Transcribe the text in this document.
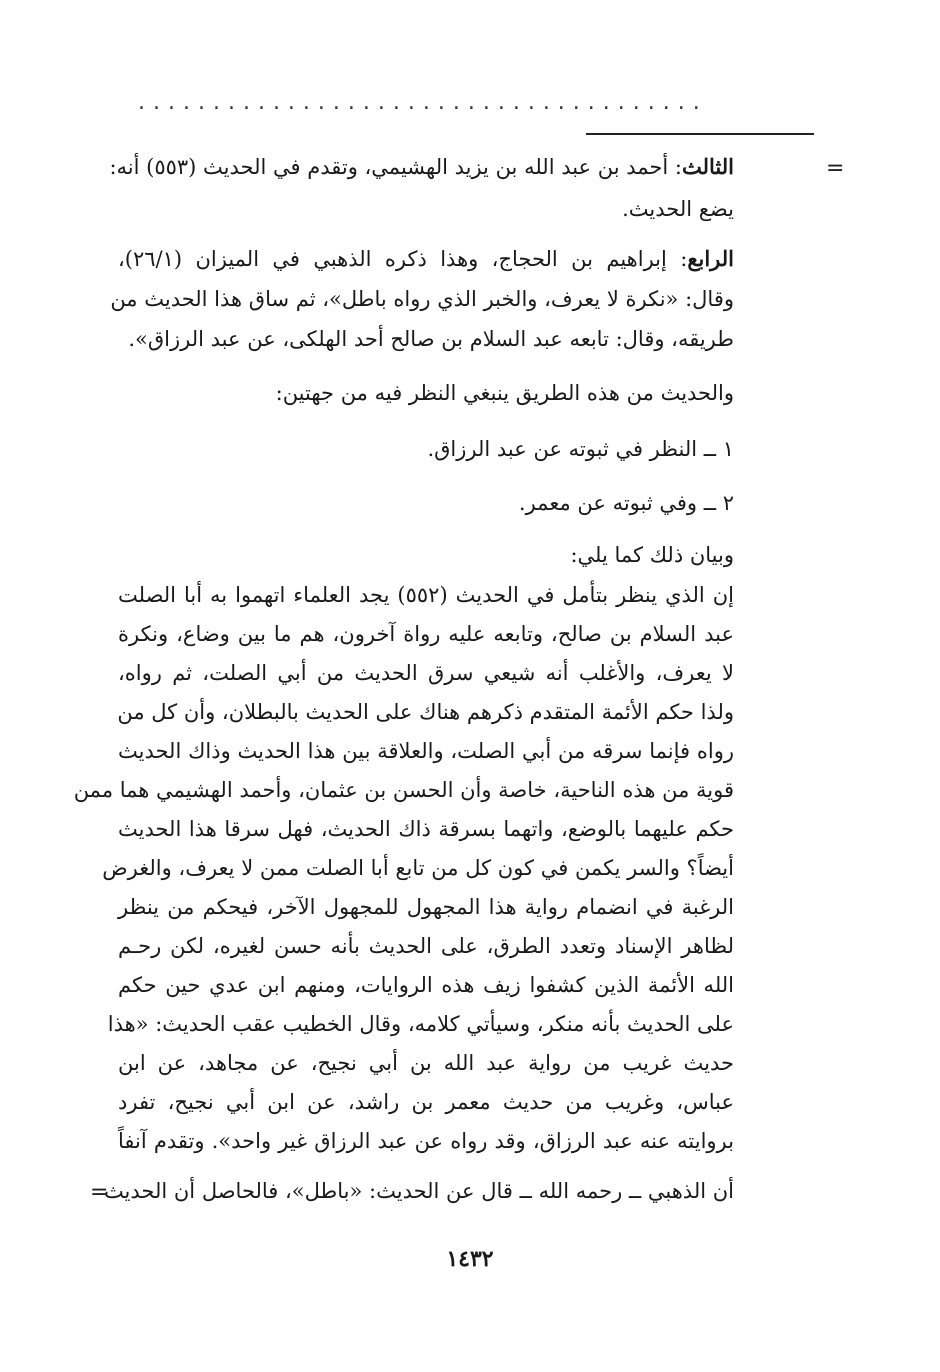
......................................
=
الثالث: أحمد بن عبد الله بن يزيد الهشيمي، وتقدم في الحديث (٥٥٣) أنه:
يضع الحديث.
الرابع: إبراهيم بن الحجاج، وهذا ذكره الذهبي في الميزان (٢٦/١)،
وقال: «نكرة لا يعرف، والخبر الذي رواه باطل»، ثم ساق هذا الحديث من
طريقه، وقال: تابعه عبد السلام بن صالح أحد الهلكى، عن عبد الرزاق».
والحديث من هذه الطريق ينبغي النظر فيه من جهتين:
١ ــ النظر في ثبوته عن عبد الرزاق.
٢ ــ وفي ثبوته عن معمر.
وبيان ذلك كما يلي:
إن الذي ينظر بتأمل في الحديث (٥٥٢) يجد العلماء اتهموا به أبا الصلت
عبد السلام بن صالح، وتابعه عليه رواة آخرون، هم ما بين وضاع، ونكرة
لا يعرف، والأغلب أنه شيعي سرق الحديث من أبي الصلت، ثم رواه،
ولذا حكم الأئمة المتقدم ذكرهم هناك على الحديث بالبطلان، وأن كل من
رواه فإنما سرقه من أبي الصلت، والعلاقة بين هذا الحديث وذاك الحديث
قوية من هذه الناحية، خاصة وأن الحسن بن عثمان، وأحمد الهشيمي هما ممن
حكم عليهما بالوضع، واتهما بسرقة ذاك الحديث، فهل سرقا هذا الحديث
أيضاً؟ والسر يكمن في كون كل من تابع أبا الصلت ممن لا يعرف، والغرض
الرغبة في انضمام رواية هذا المجهول للمجهول الآخر، فيحكم من ينظر
لظاهر الإسناد وتعدد الطرق، على الحديث بأنه حسن لغيره، لكن رحـم
الله الأئمة الذين كشفوا زيف هذه الروايات، ومنهم ابن عدي حين حكم
على الحديث بأنه منكر، وسيأتي كلامه، وقال الخطيب عقب الحديث: «هذا
حديث غريب من رواية عبد الله بن أبي نجيح، عن مجاهد، عن ابن
عباس، وغريب من حديث معمر بن راشد، عن ابن أبي نجيح، تفرد
بروايته عنه عبد الرزاق، وقد رواه عن عبد الرزاق غير واحد». وتقدم آنفاً
أن الذهبي ــ رحمه الله ــ قال عن الحديث: «باطل»، فالحاصل أن الحديث
=
١٤٣٢
